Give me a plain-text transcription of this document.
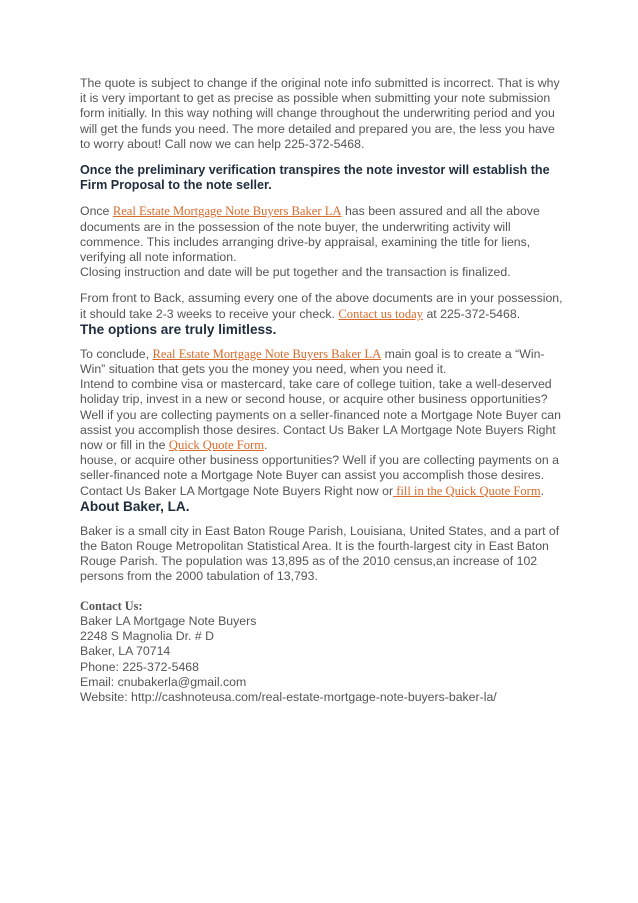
The quote is subject to change if the original note info submitted is incorrect. That is why it is very important to get as precise as possible when submitting your note submission form initially. In this way nothing will change throughout the underwriting period and you will get the funds you need. The more detailed and prepared you are, the less you have to worry about! Call now we can help 225-372-5468.

Once the preliminary verification transpires the note investor will establish the Firm Proposal to the note seller.

Once Real Estate Mortgage Note Buyers Baker LA has been assured and all the above documents are in the possession of the note buyer, the underwriting activity will commence. This includes arranging drive-by appraisal, examining the title for liens, verifying all note information.

Closing instruction and date will be put together and the transaction is finalized.

From front to Back, assuming every one of the above documents are in your possession, it should take 2-3 weeks to receive your check. Contact us today at 225-372-5468.

The options are truly limitless.

To conclude, Real Estate Mortgage Note Buyers Baker LA main goal is to create a “Win-Win” situation that gets you the money you need, when you need it.

Intend to combine visa or mastercard, take care of college tuition, take a well-deserved holiday trip, invest in a new or second house, or acquire other business opportunities? Well if you are collecting payments on a seller-financed note a Mortgage Note Buyer can assist you accomplish those desires. Contact Us Baker LA Mortgage Note Buyers Right now or fill in the Quick Quote Form.

house, or acquire other business opportunities? Well if you are collecting payments on a seller-financed note a Mortgage Note Buyer can assist you accomplish those desires. Contact Us Baker LA Mortgage Note Buyers Right now or fill in the Quick Quote Form.

About Baker, LA.

Baker is a small city in East Baton Rouge Parish, Louisiana, United States, and a part of the Baton Rouge Metropolitan Statistical Area. It is the fourth-largest city in East Baton Rouge Parish. The population was 13,895 as of the 2010 census,an increase of 102 persons from the 2000 tabulation of 13,793.

Contact Us:
Baker LA Mortgage Note Buyers
2248 S Magnolia Dr. # D
Baker, LA 70714
Phone: 225-372-5468
Email: cnubakerla@gmail.com
Website: http://cashnoteusa.com/real-estate-mortgage-note-buyers-baker-la/
